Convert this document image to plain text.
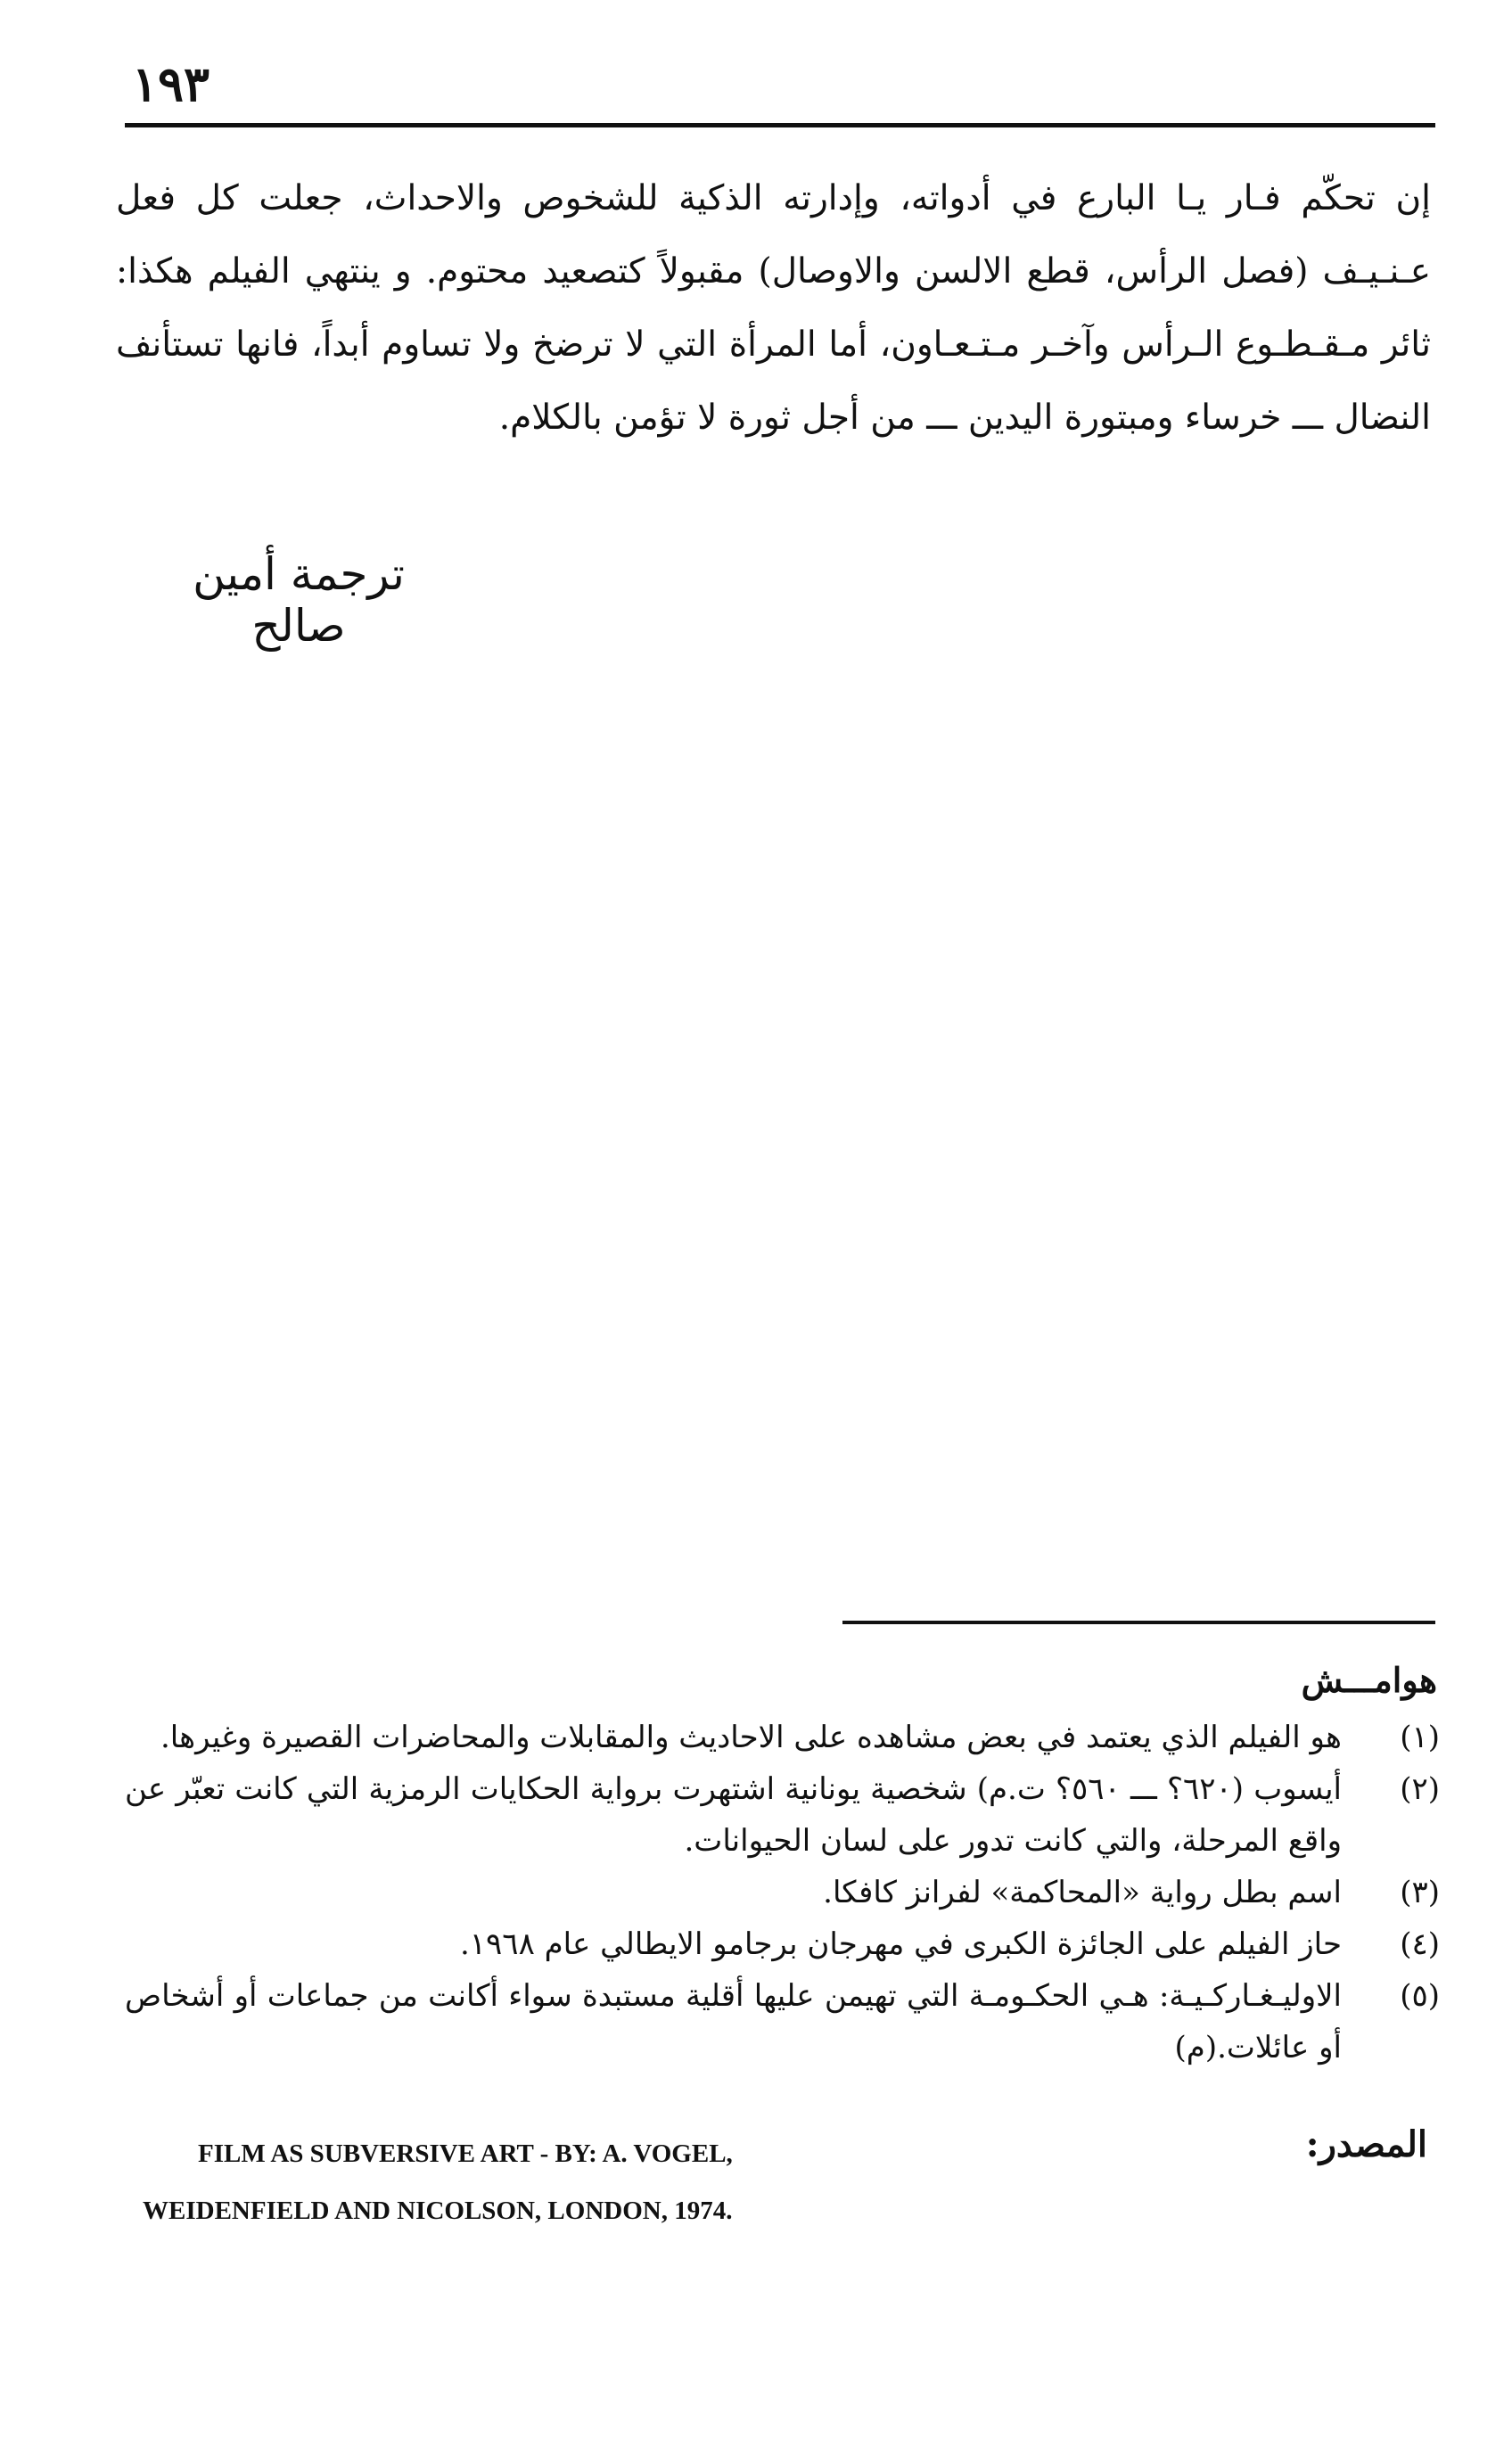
١٩٣

إن تحكّم فـار يـا البارع في أدواته، وإدارته الذكية للشخوص والاحداث، جعلت كل فعل عـنـيـف (فصل الرأس، قطع الالسن والاوصال) مقبولاً كتصعيد محتوم. و ينتهي الفيلم هكذا: ثائر مـقـطـوع الـرأس وآخـر مـتـعـاون، أما المرأة التي لا ترضخ ولا تساوم أبداً، فانها تستأنف النضال ـــ خرساء ومبتورة اليدين ـــ من أجل ثورة لا تؤمن بالكلام.

ترجمة أمين صالح
هوامـــش
(١)
هو الفيلم الذي يعتمد في بعض مشاهده على الاحاديث والمقابلات والمحاضرات القصيرة وغيرها.
(٢)
أيسوب (٦٢٠؟ ـــ ٥٦٠؟ ت.م) شخصية يونانية اشتهرت برواية الحكايات الرمزية التي كانت تعبّر عن واقع المرحلة، والتي كانت تدور على لسان الحيوانات.
(٣)
اسم بطل رواية «المحاكمة» لفرانز كافكا.
(٤)
حاز الفيلم على الجائزة الكبرى في مهرجان برجامو الايطالي عام ١٩٦٨.
(٥)
الاوليـغـاركـيـة: هـي الحكـومـة التي تهيمن عليها أقلية مستبدة سواء أكانت من جماعات أو أشخاص أو عائلات.(م)
المصدر:
FILM AS SUBVERSIVE ART - BY: A. VOGEL,
WEIDENFIELD AND NICOLSON, LONDON, 1974.
